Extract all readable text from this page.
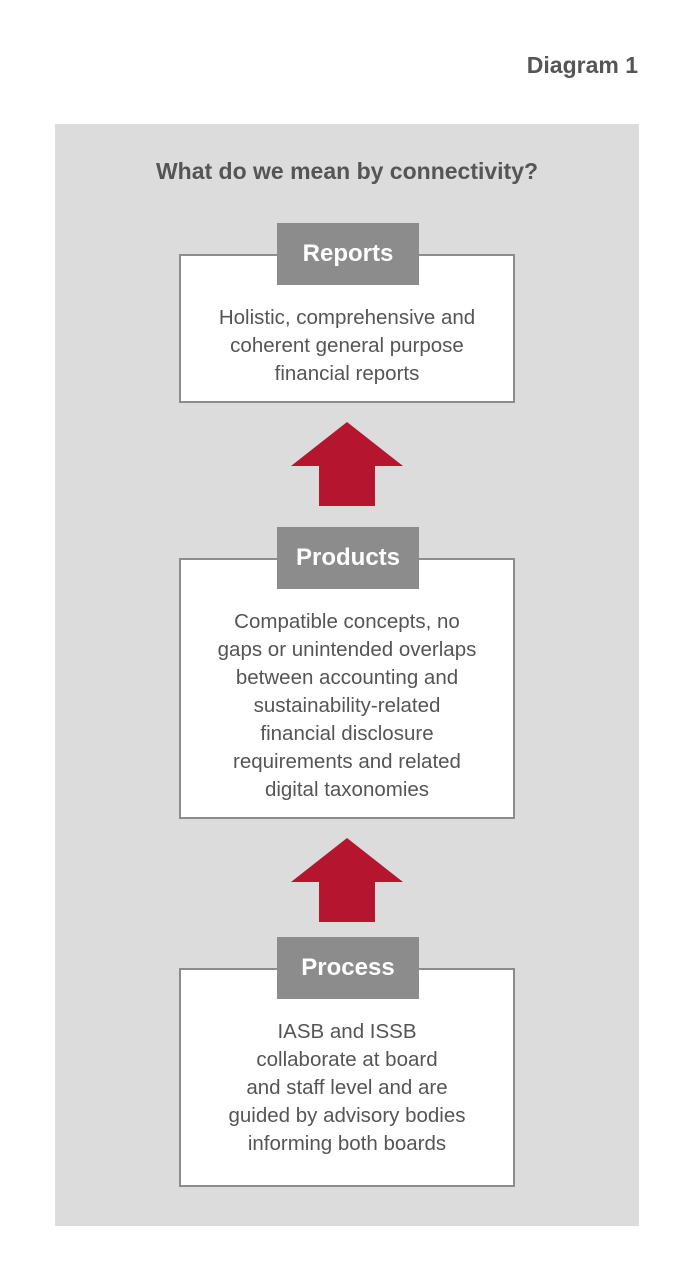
Diagram 1
What do we mean by connectivity?
Reports
Holistic, comprehensive and
coherent general purpose
financial reports
Products
Compatible concepts, no
gaps or unintended overlaps
between accounting and
sustainability-related
financial disclosure
requirements and related
digital taxonomies
Process
IASB and ISSB
collaborate at board
and staff level and are
guided by advisory bodies
informing both boards
